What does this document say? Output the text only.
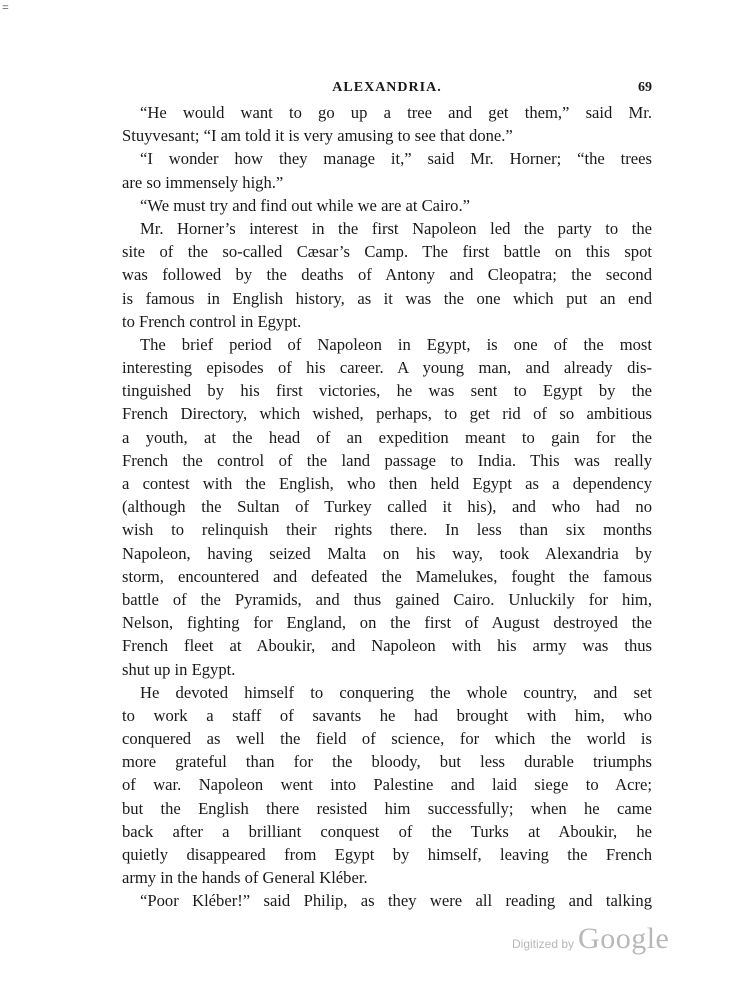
=
ALEXANDRIA.	69
“He would want to go up a tree and get them,” said Mr.
Stuyvesant; “I am told it is very amusing to see that done.”
“I wonder how they manage it,” said Mr. Horner; “the trees
are so immensely high.”
“We must try and find out while we are at Cairo.”
Mr. Horner’s interest in the first Napoleon led the party to the
site of the so-called Cæsar’s Camp. The first battle on this spot
was followed by the deaths of Antony and Cleopatra; the second
is famous in English history, as it was the one which put an end
to French control in Egypt.
The brief period of Napoleon in Egypt, is one of the most
interesting episodes of his career. A young man, and already dis-
tinguished by his first victories, he was sent to Egypt by the
French Directory, which wished, perhaps, to get rid of so ambitious
a youth, at the head of an expedition meant to gain for the
French the control of the land passage to India. This was really
a contest with the English, who then held Egypt as a dependency
(although the Sultan of Turkey called it his), and who had no
wish to relinquish their rights there. In less than six months
Napoleon, having seized Malta on his way, took Alexandria by
storm, encountered and defeated the Mamelukes, fought the famous
battle of the Pyramids, and thus gained Cairo. Unluckily for him,
Nelson, fighting for England, on the first of August destroyed the
French fleet at Aboukir, and Napoleon with his army was thus
shut up in Egypt.
He devoted himself to conquering the whole country, and set
to work a staff of savants he had brought with him, who
conquered as well the field of science, for which the world is
more grateful than for the bloody, but less durable triumphs
of war. Napoleon went into Palestine and laid siege to Acre;
but the English there resisted him successfully; when he came
back after a brilliant conquest of the Turks at Aboukir, he
quietly disappeared from Egypt by himself, leaving the French
army in the hands of General Kléber.
“Poor Kléber!” said Philip, as they were all reading and talking
Digitized by Google
